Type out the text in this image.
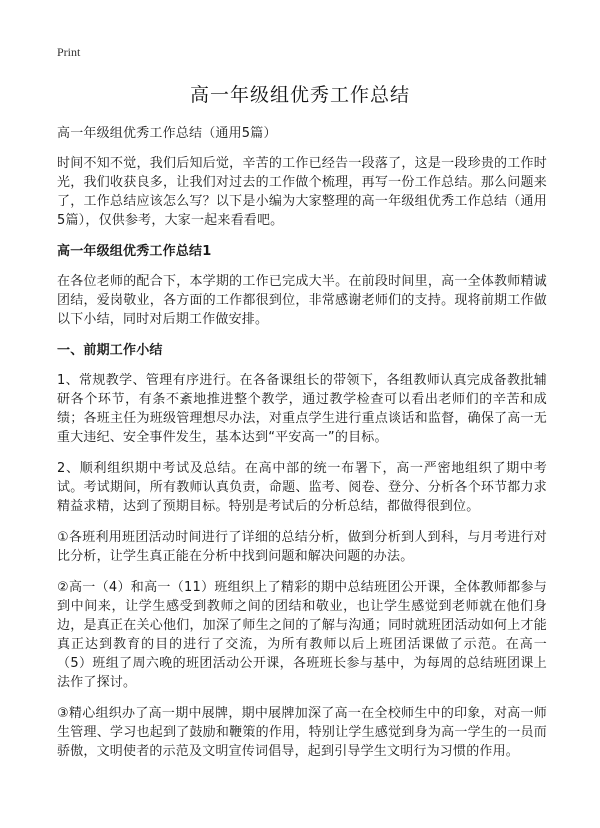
Print
高一年级组优秀工作总结

高一年级组优秀工作总结（通用5篇）

时间不知不觉，我们后知后觉，辛苦的工作已经告一段落了，这是一段珍贵的工作时光，我们收获良多，让我们对过去的工作做个梳理，再写一份工作总结。那么问题来了，工作总结应该怎么写？以下是小编为大家整理的高一年级组优秀工作总结（通用5篇），仅供参考，大家一起来看看吧。

高一年级组优秀工作总结1

在各位老师的配合下，本学期的工作已完成大半。在前段时间里，高一全体教师精诚团结，爱岗敬业，各方面的工作都很到位，非常感谢老师们的支持。现将前期工作做以下小结，同时对后期工作做安排。

一、前期工作小结

1、常规教学、管理有序进行。在各备课组长的带领下，各组教师认真完成备教批辅研各个环节，有条不紊地推进整个教学，通过教学检查可以看出老师们的辛苦和成绩；各班主任为班级管理想尽办法，对重点学生进行重点谈话和监督，确保了高一无重大违纪、安全事件发生，基本达到“平安高一”的目标。

2、顺利组织期中考试及总结。在高中部的统一布署下，高一严密地组织了期中考试。考试期间，所有教师认真负责，命题、监考、阅卷、登分、分析各个环节都力求精益求精，达到了预期目标。特别是考试后的分析总结，都做得很到位。

①各班利用班团活动时间进行了详细的总结分析，做到分析到人到科，与月考进行对比分析，让学生真正能在分析中找到问题和解决问题的办法。

②高一（4）和高一（11）班组织上了精彩的期中总结班团公开课，全体教师都参与到中间来，让学生感受到教师之间的团结和敬业，也让学生感觉到老师就在他们身边，是真正在关心他们，加深了师生之间的了解与沟通；同时就班团活动如何上才能真正达到教育的目的进行了交流，为所有教师以后上班团活课做了示范。在高一（5）班组了周六晚的班团活动公开课，各班班长参与基中，为每周的总结班团课上法作了探讨。

③精心组织办了高一期中展牌，期中展牌加深了高一在全校师生中的印象，对高一师生管理、学习也起到了鼓励和鞭策的作用，特别让学生感觉到身为高一学生的一员而骄傲，文明使者的示范及文明宣传词倡导，起到引导学生文明行为习惯的作用。
